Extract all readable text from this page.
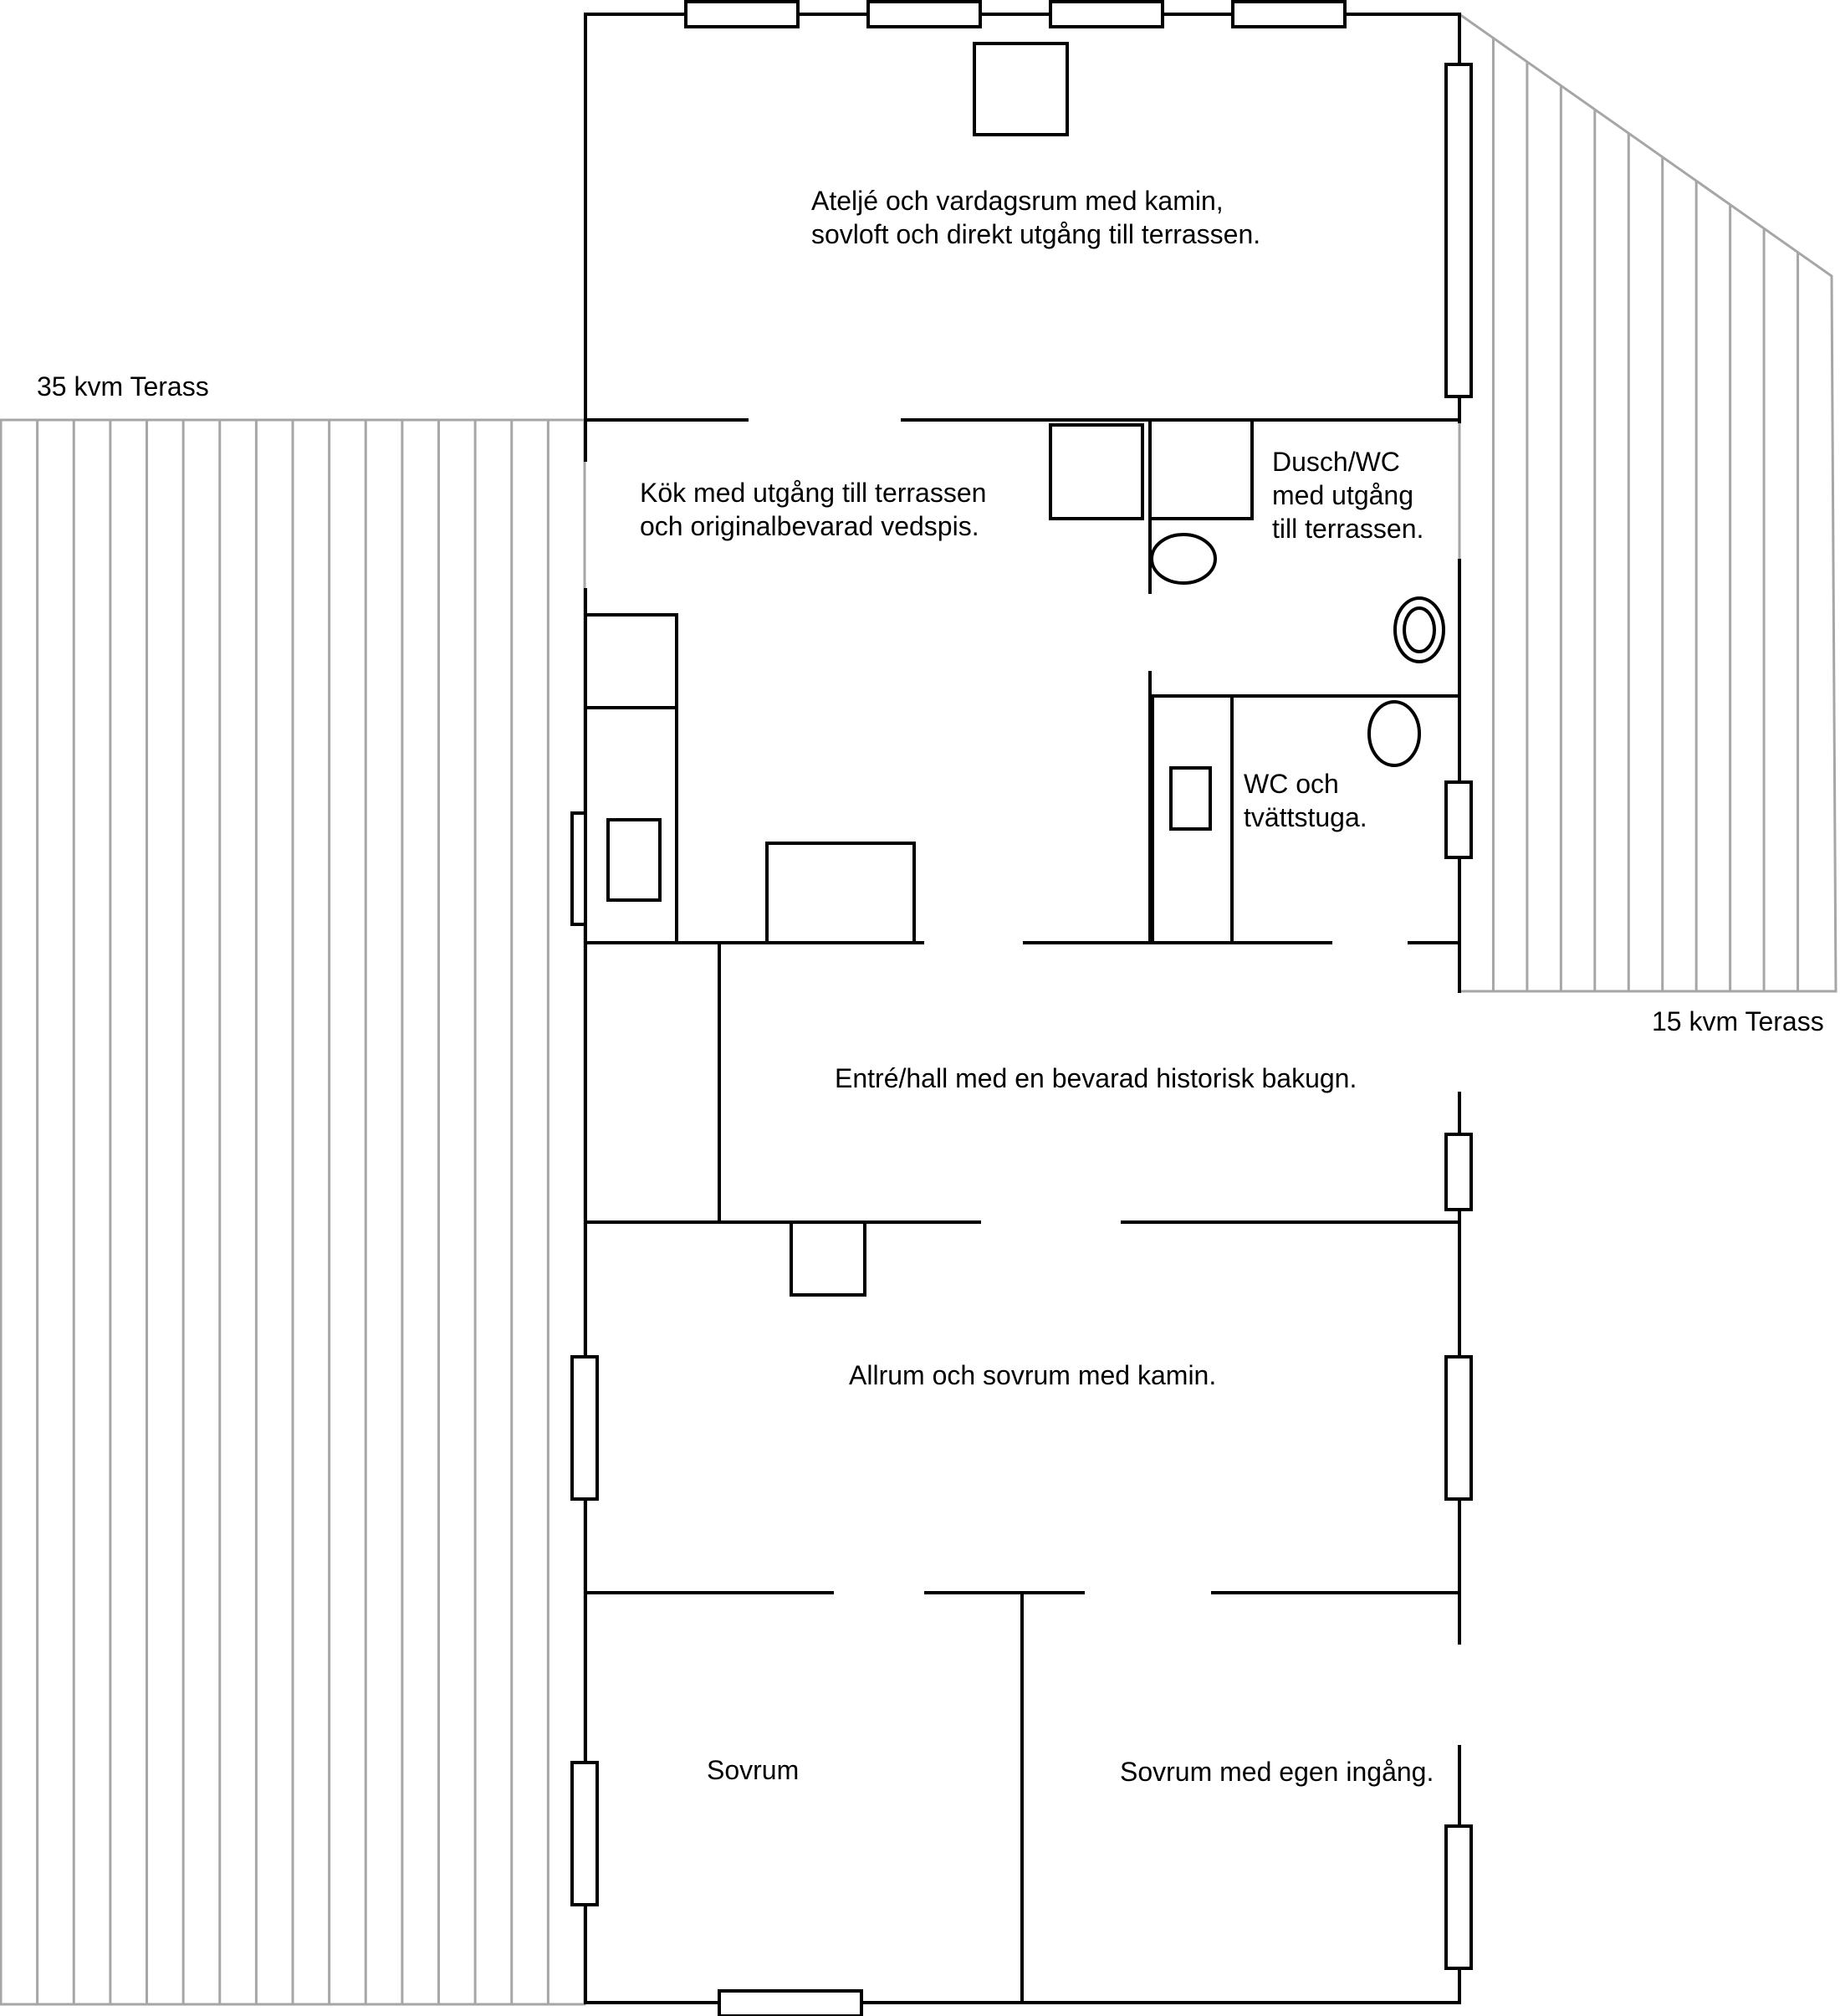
35 kvm Terass
15 kvm Terass
Ateljé och vardagsrum med kamin,
sovloft och direkt utgång till terrassen.
Kök med utgång till terrassen
och originalbevarad vedspis.
Dusch/WC
med utgång
till terrassen.
WC och
tvättstuga.
Entré/hall med en bevarad historisk bakugn.
Allrum och sovrum med kamin.
Sovrum	Sovrum med egen ingång.
